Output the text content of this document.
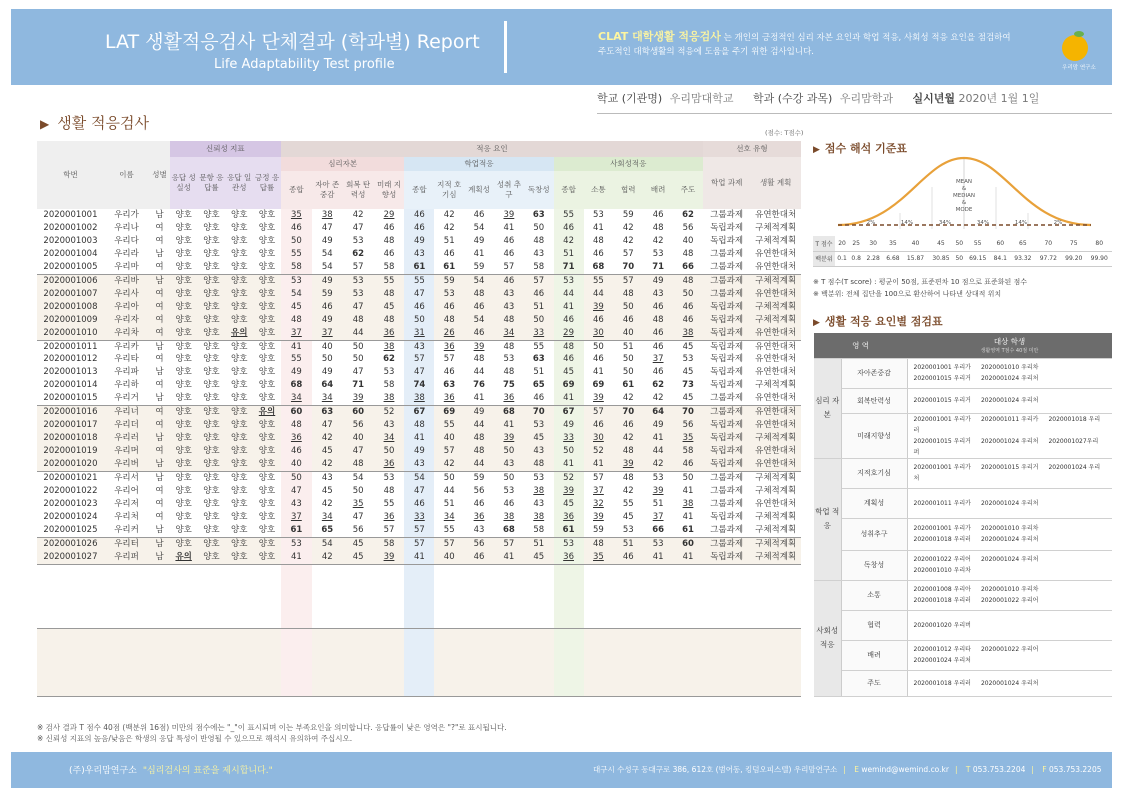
LAT 생활적응검사 단체결과 (학과별) Report
Life Adaptability Test profile
CLAT 대학생활 적응검사 는 개인의 긍정적인 심리 자본 요인과 학업 적응, 사회성 적응 요인을 점검하여
주도적인 대학생활의 적응에 도움을 주기 위한 검사입니다.
우리맘 연구소
학교 (기관명) 우리맘대학교 학과 (수강 과목) 우리맘학과 실시년월 2020년 1월 1일
▶ 생활 적응검사
(점수: T점수)
학번	이름	성별	신뢰성 지표				적응 요인														선호 유형	
			응답 성실성	문항 응답률	응답 일관성	긍정 응답률	심리자본				학업적응					사회성적응					학업 과제	생활 계획
							종합	자아 존중감	회복 탄력성	미래 지향성	종합	지적 호기심	계획성	성취 추구	독창성	종합	소통	협력	배려	주도		
2020001001	우리가	남	양호	양호	양호	양호	35	38	42	29	46	42	46	39	63	55	53	59	46	62	그룹과제	유연한대처
2020001002	우리나	여	양호	양호	양호	양호	46	47	47	46	46	42	54	41	50	46	41	42	48	56	독립과제	구체적계획
2020001003	우리다	여	양호	양호	양호	양호	50	49	53	48	49	51	49	46	48	42	48	42	42	40	독립과제	구체적계획
2020001004	우리라	남	양호	양호	양호	양호	55	54	62	46	43	46	41	46	43	51	46	57	53	48	그룹과제	유연한대처
2020001005	우리마	여	양호	양호	양호	양호	58	54	57	58	61	61	59	57	58	71	68	70	71	66	그룹과제	유연한대처
2020001006	우리바	남	양호	양호	양호	양호	53	49	53	55	55	59	54	46	57	53	55	57	49	48	그룹과제	구체적계획
2020001007	우리사	여	양호	양호	양호	양호	54	59	53	48	47	53	48	43	46	44	44	48	43	50	그룹과제	유연한대처
2020001008	우리아	여	양호	양호	양호	양호	45	46	47	45	46	46	46	43	51	41	39	50	46	46	독립과제	구체적계획
2020001009	우리자	여	양호	양호	양호	양호	48	49	48	48	50	48	54	48	50	46	46	46	48	46	독립과제	구체적계획
2020001010	우리차	여	양호	양호	유의	양호	37	37	44	36	31	26	46	34	33	29	30	40	46	38	독립과제	유연한대처
2020001011	우리카	남	양호	양호	양호	양호	41	40	50	38	43	36	39	48	55	48	50	51	46	45	독립과제	유연한대처
2020001012	우리타	여	양호	양호	양호	양호	55	50	50	62	57	57	48	53	63	46	46	50	37	53	독립과제	유연한대처
2020001013	우리파	남	양호	양호	양호	양호	49	49	47	53	47	46	44	48	51	45	41	50	46	45	독립과제	유연한대처
2020001014	우리하	여	양호	양호	양호	양호	68	64	71	58	74	63	76	75	65	69	69	61	62	73	독립과제	구체적계획
2020001015	우리거	남	양호	양호	양호	양호	34	34	39	38	38	36	41	36	46	41	39	42	42	45	그룹과제	유연한대처
2020001016	우리너	여	양호	양호	양호	유의	60	63	60	52	67	69	49	68	70	67	57	70	64	70	그룹과제	유연한대처
2020001017	우리더	여	양호	양호	양호	양호	48	47	56	43	48	55	44	41	53	49	46	46	49	56	독립과제	유연한대처
2020001018	우리러	남	양호	양호	양호	양호	36	42	40	34	41	40	48	39	45	33	30	42	41	35	독립과제	구체적계획
2020001019	우리머	여	양호	양호	양호	양호	46	45	47	50	49	57	48	50	43	50	52	48	44	58	독립과제	유연한대처
2020001020	우리버	남	양호	양호	양호	양호	40	42	48	36	43	42	44	43	48	41	41	39	42	46	독립과제	유연한대처
2020001021	우리서	남	양호	양호	양호	양호	50	43	54	53	54	50	59	50	53	52	57	48	53	50	그룹과제	구체적계획
2020001022	우리어	여	양호	양호	양호	양호	47	45	50	48	47	44	56	53	38	39	37	42	39	41	그룹과제	구체적계획
2020001023	우리저	여	양호	양호	양호	양호	43	42	35	55	46	51	46	46	43	45	32	55	51	38	그룹과제	유연한대처
2020001024	우리처	여	양호	양호	양호	양호	37	34	47	36	33	34	36	38	38	36	39	45	37	41	독립과제	구체적계획
2020001025	우리커	남	양호	양호	양호	양호	61	65	56	57	57	55	43	68	58	61	59	53	66	61	그룹과제	구체적계획
2020001026	우리터	남	양호	양호	양호	양호	53	54	45	58	57	57	56	57	51	53	48	51	53	60	그룹과제	구체적계획
2020001027	우리퍼	남	유의	양호	양호	양호	41	42	45	39	41	40	46	41	45	36	35	46	41	41	독립과제	구체적계획

※ 검사 결과 T 점수 40점 (백분위 16점) 미만의 점수에는 "_"이 표시되며 이는 부족요인을 의미합니다. 응답률이 낮은 영역은 "?"로 표시됩니다.
※ 신뢰성 지표의 높음/낮음은 학생의 응답 특성이 반영될 수 있으므로 해석시 유의하여 주십시오.
▶ 점수 해석 기준표
MEAN
&
MEDIAN
&
MODE
2%	14%	34%	34%	14%	2%
T 점수	20	25	30	35	40	45	50	55	60	65	70	75	80
백분위	0.1	0.8	2.28	6.68	15.87	30.85	50	69.15	84.1	93.32	97.72	99.20	99.90
※ T 점수(T score) : 평균이 50점, 표준편차 10 점으로 표준화된 점수
※ 백분위: 전체 집단을 100으로 환산하여 나타낸 상대적 위치
▶ 생활 적응 요인별 점검표
영 역		대상 학생
생활영역 T점수 40점 미만

심리 자본	자아존중감	2020001001 우리가 2020001010 우리차
2020001015 우리거 2020001024 우리처

	회복탄력성	2020001015 우리거 2020001024 우리처

	미래지향성	2020001001 우리가 2020001011 우리카 2020001018 우리러
2020001015 우리거 2020001024 우리처 2020001027우리퍼

학업 적응	지적호기심	2020001001 우리가 2020001015 우리거 2020001024 우리처

	계획성	2020001011 우리카 2020001024 우리처

	성취추구	2020001001 우리가 2020001010 우리차
2020001018 우리러 2020001024 우리처

	독창성	2020001022 우리어 2020001024 우리처
2020001010 우리차

사회성 적응	소통	2020001008 우리아 2020001010 우리차
2020001018 우리러 2020001022 우리어

	협력	2020001020 우리버

	배려	2020001012 우리타 2020001022 우리어
2020001024 우리처

	주도	2020001018 우리러 2020001024 우리처
(주)우리맘연구소 "심리검사의 표준을 제시합니다."	대구시 수성구 동대구로 386, 612호 (범어동, 킹덤오피스텔) 우리맘연구소 | E wemind@wemind.co.kr | T 053.753.2204 | F 053.753.2205
